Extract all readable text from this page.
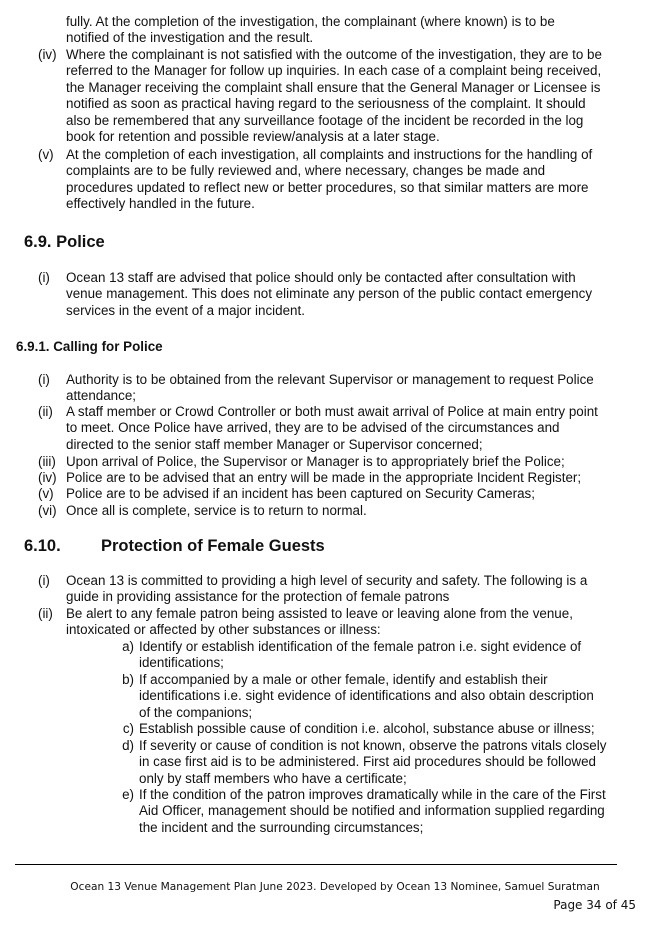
fully. At the completion of the investigation, the complainant (where known) is to be
notified of the investigation and the result.
(iv) Where the complainant is not satisfied with the outcome of the investigation, they are to be
referred to the Manager for follow up inquiries. In each case of a complaint being received,
the Manager receiving the complaint shall ensure that the General Manager or Licensee is
notified as soon as practical having regard to the seriousness of the complaint. It should
also be remembered that any surveillance footage of the incident be recorded in the log
book for retention and possible review/analysis at a later stage.
(v) At the completion of each investigation, all complaints and instructions for the handling of
complaints are to be fully reviewed and, where necessary, changes be made and
procedures updated to reflect new or better procedures, so that similar matters are more
effectively handled in the future.
6.9. Police
(i) Ocean 13 staff are advised that police should only be contacted after consultation with
venue management. This does not eliminate any person of the public contact emergency
services in the event of a major incident.
6.9.1. Calling for Police
(i) Authority is to be obtained from the relevant Supervisor or management to request Police
attendance;
(ii) A staff member or Crowd Controller or both must await arrival of Police at main entry point
to meet. Once Police have arrived, they are to be advised of the circumstances and
directed to the senior staff member Manager or Supervisor concerned;
(iii) Upon arrival of Police, the Supervisor or Manager is to appropriately brief the Police;
(iv) Police are to be advised that an entry will be made in the appropriate Incident Register;
(v) Police are to be advised if an incident has been captured on Security Cameras;
(vi) Once all is complete, service is to return to normal.
6.10. Protection of Female Guests
(i) Ocean 13 is committed to providing a high level of security and safety. The following is a
guide in providing assistance for the protection of female patrons
(ii) Be alert to any female patron being assisted to leave or leaving alone from the venue,
intoxicated or affected by other substances or illness:
a) Identify or establish identification of the female patron i.e. sight evidence of
identifications;
b) If accompanied by a male or other female, identify and establish their
identifications i.e. sight evidence of identifications and also obtain description
of the companions;
c) Establish possible cause of condition i.e. alcohol, substance abuse or illness;
d) If severity or cause of condition is not known, observe the patrons vitals closely
in case first aid is to be administered. First aid procedures should be followed
only by staff members who have a certificate;
e) If the condition of the patron improves dramatically while in the care of the First
Aid Officer, management should be notified and information supplied regarding
the incident and the surrounding circumstances;
Ocean 13 Venue Management Plan June 2023. Developed by Ocean 13 Nominee, Samuel Suratman
Page 34 of 45
